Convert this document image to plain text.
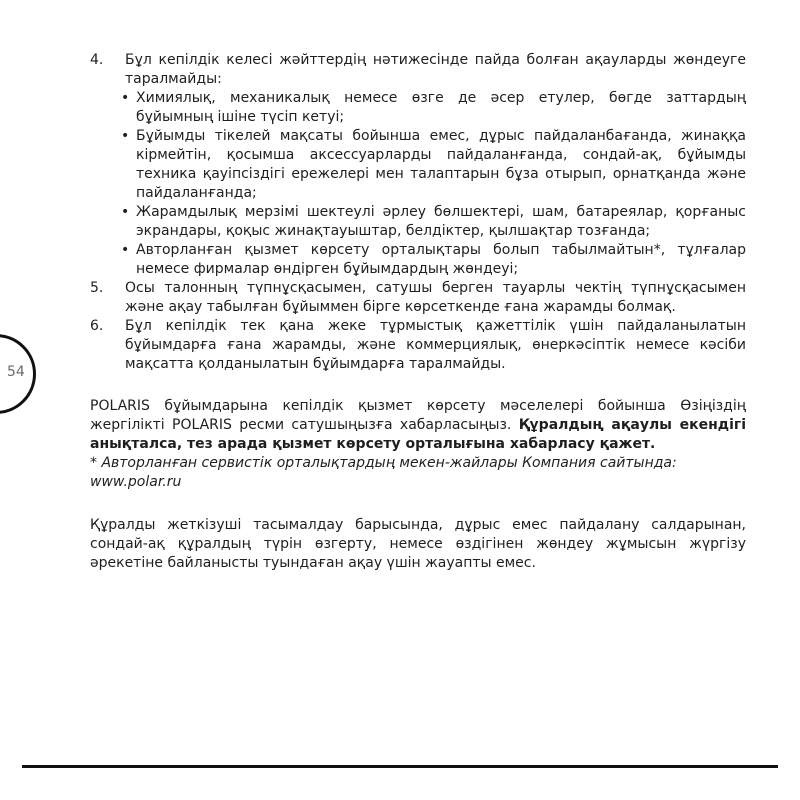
54
4.	Бұл кепілдік келесі жәйттердің нәтижесінде пайда болған ақауларды жөндеуге таралмайды:
• Химиялық, механикалық немесе өзге де әсер етулер, бөгде заттардың бұйымның ішіне түсіп кетуі;
• Бұйымды тікелей мақсаты бойынша емес, дұрыс пайдаланбағанда, жинаққа кірмейтін, қосымша аксессуарларды пайдаланғанда, сондай-ақ, бұйымды техника қауіпсіздігі ережелері мен талаптарын бұза отырып, орнатқанда және пайдаланғанда;
• Жарамдылық мерзімі шектеулі әрлеу бөлшектері, шам, батареялар, қорғаныс экрандары, қоқыс жинақтауыштар, белдіктер, қылшақтар тозғанда;
• Авторланған қызмет көрсету орталықтары болып табылмайтын*, тұлғалар немесе фирмалар өндірген бұйымдардың жөндеуі;
5.	Осы талонның түпнұсқасымен, сатушы берген тауарлы чектің түпнұсқасымен және ақау табылған бұйыммен бірге көрсеткенде ғана жарамды болмақ.
6.	Бұл кепілдік тек қана жеке тұрмыстық қажеттілік үшін пайдаланылатын бұйымдарға ғана жарамды, және коммерциялық, өнеркәсіптік немесе кәсіби мақсатта қолданылатын бұйымдарға таралмайды.
POLARIS бұйымдарына кепілдік қызмет көрсету мәселелері бойынша Өзіңіздің жергілікті POLARIS ресми сатушыңызға хабарласыңыз. Құралдың ақаулы екендігі анықталса, тез арада қызмет көрсету орталығына хабарласу қажет.
* Авторланған сервистік орталықтардың мекен-жайлары Компания сайтында: www.polar.ru
Құралды жеткізуші тасымалдау барысында, дұрыс емес пайдалану салдарынан, сондай-ақ құралдың түрін өзгерту, немесе өздігінен жөндеу жұмысын жүргізу әрекетіне байланысты туындаған ақау үшін жауапты емес.
